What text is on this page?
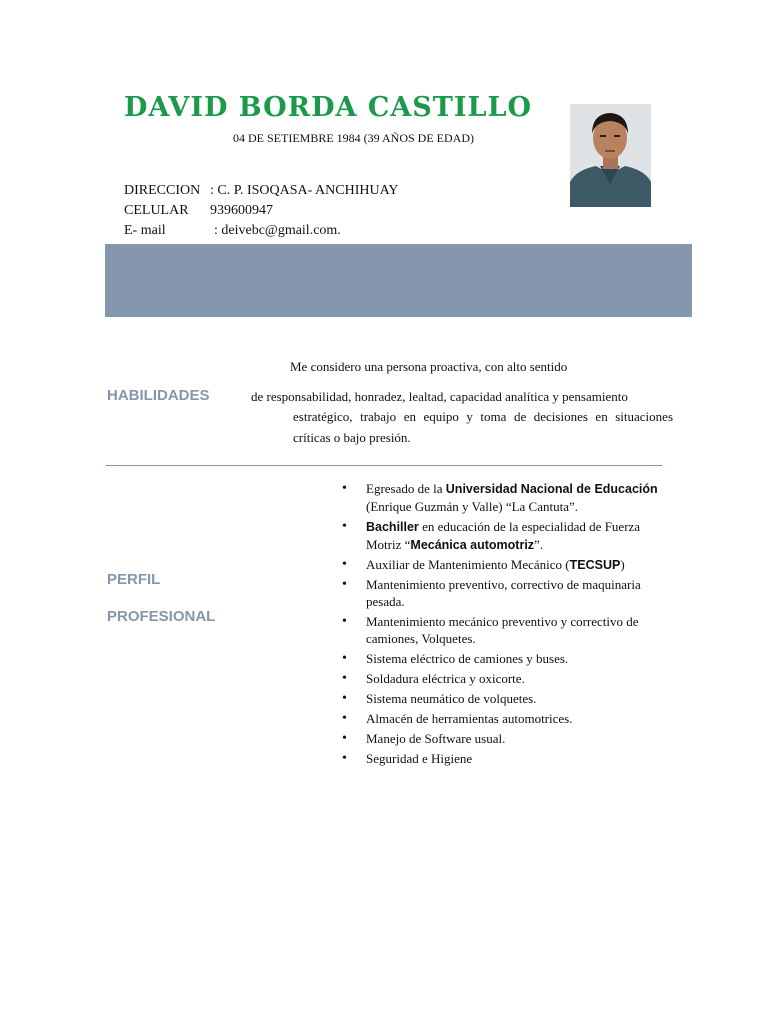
DAVID BORDA CASTILLO
04 DE SETIEMBRE 1984 (39 AÑOS DE EDAD)
DIRECCION : C. P. ISOQASA- ANCHIHUAY
CELULAR 939600947
E- mail	: deivebc@gmail.com.
HABILIDADES
Me considero una persona proactiva, con alto sentido
de responsabilidad, honradez, lealtad, capacidad analítica y pensamiento
estratégico, trabajo en equipo y toma de decisiones en situaciones
críticas o bajo presión.
PERFIL
PROFESIONAL
• Egresado de la Universidad Nacional de Educación (Enrique Guzmán y Valle) “La Cantuta”.
• Bachiller en educación de la especialidad de Fuerza Motriz “Mecánica automotriz”.
• Auxiliar de Mantenimiento Mecánico (TECSUP)
• Mantenimiento preventivo, correctivo de maquinaria pesada.
• Mantenimiento mecánico preventivo y correctivo de camiones, Volquetes.
• Sistema eléctrico de camiones y buses.
• Soldadura eléctrica y oxicorte.
• Sistema neumático de volquetes.
• Almacén de herramientas automotrices.
• Manejo de Software usual.
• Seguridad e Higiene
